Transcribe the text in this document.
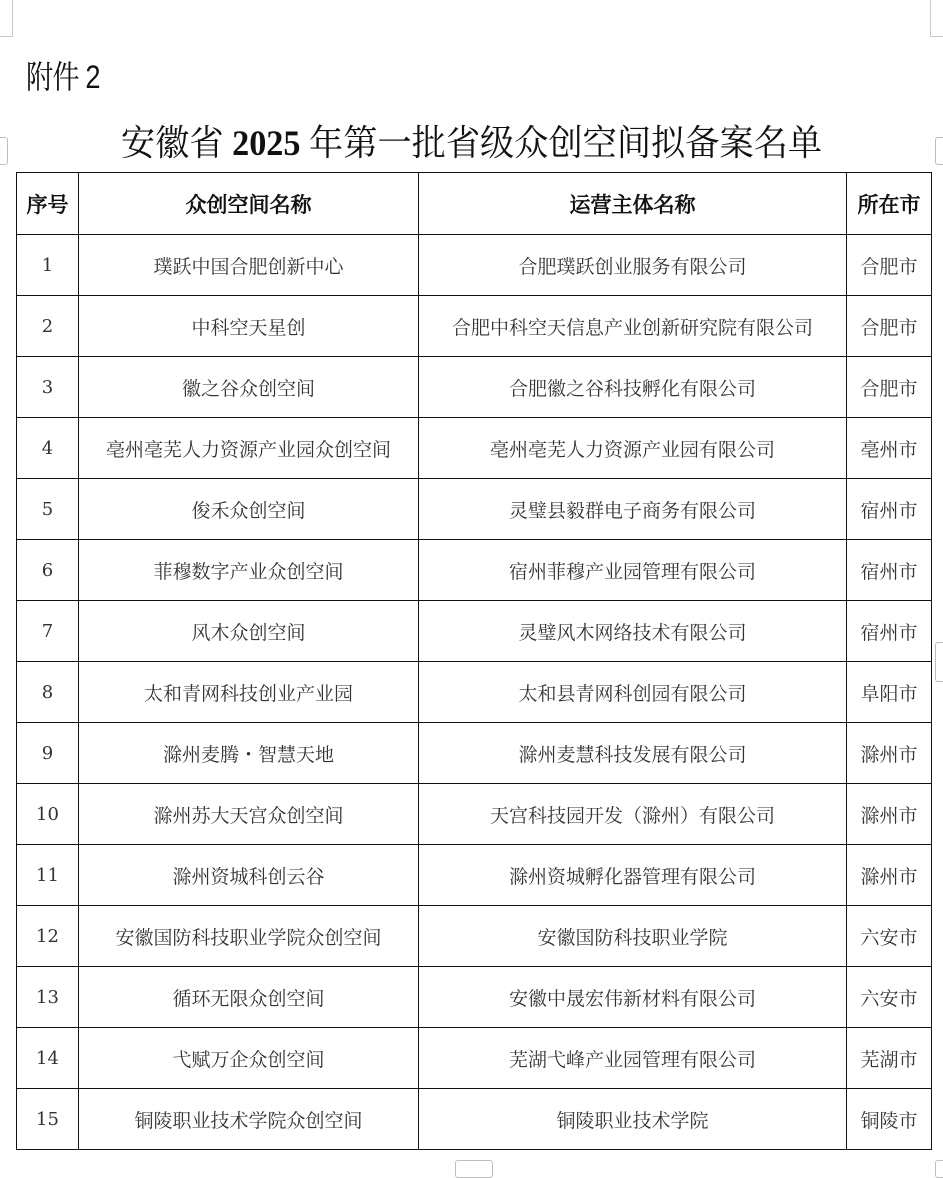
附件 2
安徽省 2025 年第一批省级众创空间拟备案名单
序号	众创空间名称	运营主体名称	所在市
1	璞跃中国合肥创新中心	合肥璞跃创业服务有限公司	合肥市
2	中科空天星创	合肥中科空天信息产业创新研究院有限公司	合肥市
3	徽之谷众创空间	合肥徽之谷科技孵化有限公司	合肥市
4	亳州亳芜人力资源产业园众创空间	亳州亳芜人力资源产业园有限公司	亳州市
5	俊禾众创空间	灵璧县毅群电子商务有限公司	宿州市
6	菲穆数字产业众创空间	宿州菲穆产业园管理有限公司	宿州市
7	风木众创空间	灵璧风木网络技术有限公司	宿州市
8	太和青网科技创业产业园	太和县青网科创园有限公司	阜阳市
9	滁州麦腾・智慧天地	滁州麦慧科技发展有限公司	滁州市
10	滁州苏大天宫众创空间	天宫科技园开发（滁州）有限公司	滁州市
11	滁州资城科创云谷	滁州资城孵化器管理有限公司	滁州市
12	安徽国防科技职业学院众创空间	安徽国防科技职业学院	六安市
13	循环无限众创空间	安徽中晟宏伟新材料有限公司	六安市
14	弋赋万企众创空间	芜湖弋峰产业园管理有限公司	芜湖市
15	铜陵职业技术学院众创空间	铜陵职业技术学院	铜陵市
